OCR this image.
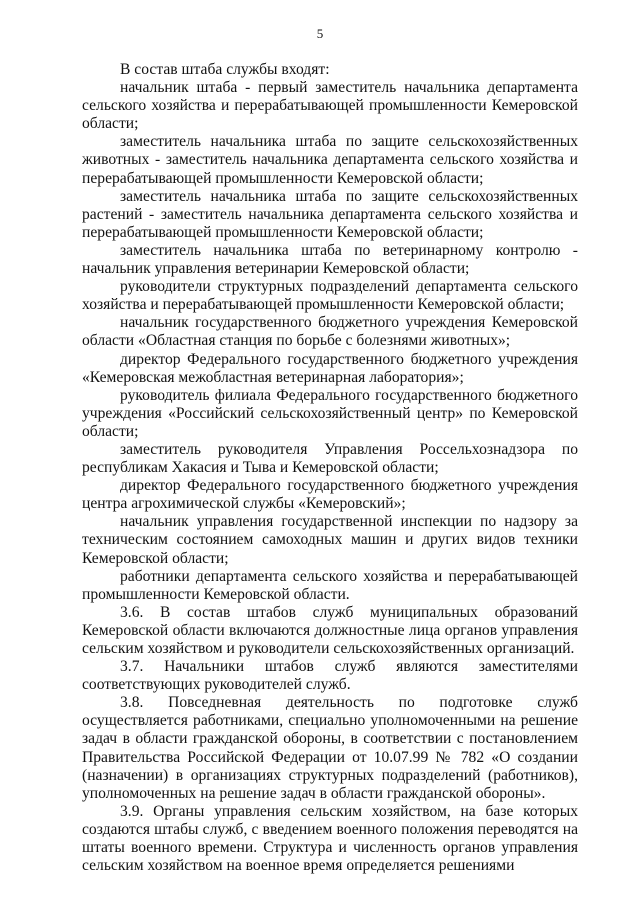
5

В состав штаба службы входят:

начальник штаба - первый заместитель начальника департамента сельского хозяйства и перерабатывающей промышленности Кемеровской области;

заместитель начальника штаба по защите сельскохозяйственных животных - заместитель начальника департамента сельского хозяйства и перерабатывающей промышленности Кемеровской области;

заместитель начальника штаба по защите сельскохозяйственных растений - заместитель начальника департамента сельского хозяйства и перерабатывающей промышленности Кемеровской области;

заместитель начальника штаба по ветеринарному контролю - начальник управления ветеринарии Кемеровской области;

руководители структурных подразделений департамента сельского хозяйства и перерабатывающей промышленности Кемеровской области;

начальник государственного бюджетного учреждения Кемеровской области «Областная станция по борьбе с болезнями животных»;

директор Федерального государственного бюджетного учреждения «Кемеровская межобластная ветеринарная лаборатория»;

руководитель филиала Федерального государственного бюджетного учреждения «Российский сельскохозяйственный центр» по Кемеровской области;

заместитель руководителя Управления Россельхознадзора по республикам Хакасия и Тыва и Кемеровской области;

директор Федерального государственного бюджетного учреждения центра агрохимической службы «Кемеровский»;

начальник управления государственной инспекции по надзору за техническим состоянием самоходных машин и других видов техники Кемеровской области;

работники департамента сельского хозяйства и перерабатывающей промышленности Кемеровской области.

3.6. В состав штабов служб муниципальных образований Кемеровской области включаются должностные лица органов управления сельским хозяйством и руководители сельскохозяйственных организаций.

3.7. Начальники штабов служб являются заместителями соответствующих руководителей служб.

3.8. Повседневная деятельность по подготовке служб осуществляется работниками, специально уполномоченными на решение задач в области гражданской обороны, в соответствии с постановлением Правительства Российской Федерации от 10.07.99 № 782 «О создании (назначении) в организациях структурных подразделений (работников), уполномоченных на решение задач в области гражданской обороны».

3.9. Органы управления сельским хозяйством, на базе которых создаются штабы служб, с введением военного положения переводятся на штаты военного времени. Структура и численность органов управления сельским хозяйством на военное время определяется решениями
